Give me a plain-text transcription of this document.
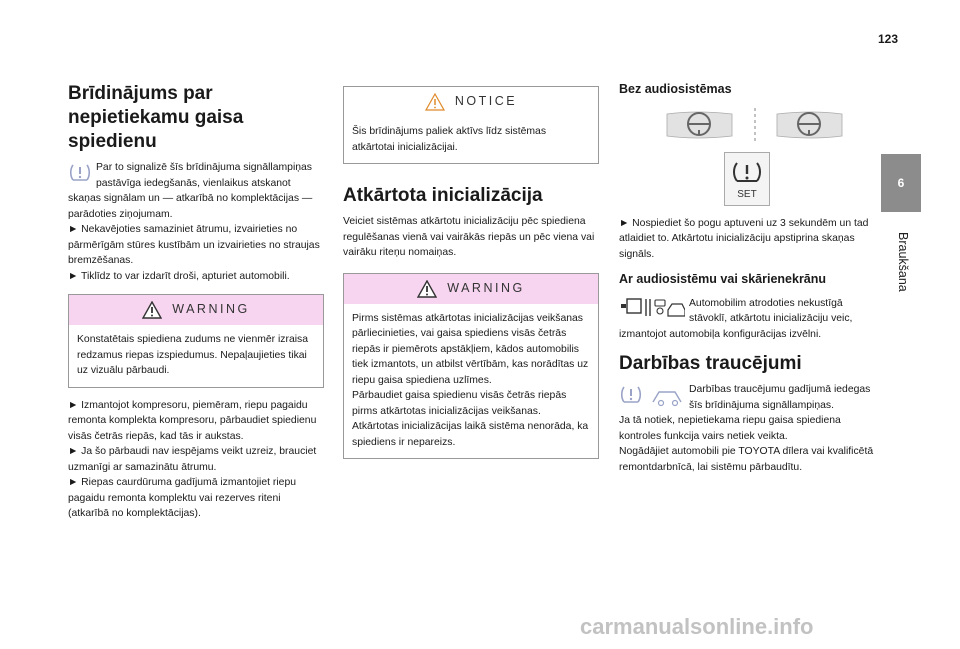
123
6
Braukšana
Brīdinājums par nepietiekamu gaisa spiedienu

Par to signalizē šīs brīdinājuma signāllampiņas pastāvīga iedegšanās, vienlaikus atskanot skaņas signālam un — atkarībā no komplektācijas — parādoties ziņojumam.

► Nekavējoties samaziniet ātrumu, izvairieties no pārmērīgām stūres kustībām un izvairieties no straujas bremzēšanas.

► Tiklīdz to var izdarīt droši, apturiet automobili.

WARNING

Konstatētais spiediena zudums ne vienmēr izraisa redzamus riepas izspiedumus. Nepaļaujieties tikai uz vizuālu pārbaudi.

► Izmantojot kompresoru, piemēram, riepu pagaidu remonta komplekta kompresoru, pārbaudiet spiedienu visās četrās riepās, kad tās ir aukstas.

► Ja šo pārbaudi nav iespējams veikt uzreiz, brauciet uzmanīgi ar samazinātu ātrumu.

► Riepas caurdūruma gadījumā izmantojiet riepu pagaidu remonta komplektu vai rezerves riteni (atkarībā no komplektācijas).

NOTICE

Šis brīdinājums paliek aktīvs līdz sistēmas atkārtotai inicializācijai.

Atkārtota inicializācija

Veiciet sistēmas atkārtotu inicializāciju pēc spiediena regulēšanas vienā vai vairākās riepās un pēc viena vai vairāku riteņu nomaiņas.

WARNING

Pirms sistēmas atkārtotas inicializācijas veikšanas pārliecinieties, vai gaisa spiediens visās četrās riepās ir piemērots apstākļiem, kādos automobilis tiek izmantots, un atbilst vērtībām, kas norādītas uz riepu gaisa spiediena uzlīmes.

Pārbaudiet gaisa spiedienu visās četrās riepās pirms atkārtotas inicializācijas veikšanas.

Atkārtotas inicializācijas laikā sistēma nenorāda, ka spiediens ir nepareizs.

Bez audiosistēmas
SET

► Nospiediet šo pogu aptuveni uz 3 sekundēm un tad atlaidiet to. Atkārtotu inicializāciju apstiprina skaņas signāls.

Ar audiosistēmu vai skārienekrānu

Automobilim atrodoties nekustīgā stāvoklī, atkārtotu inicializāciju veic, izmantojot automobiļa konfigurācijas izvēlni.

Darbības traucējumi

Darbības traucējumu gadījumā iedegas šīs brīdinājuma signāllampiņas.

Ja tā notiek, nepietiekama riepu gaisa spiediena kontroles funkcija vairs netiek veikta.

Nogādājiet automobili pie TOYOTA dīlera vai kvalificētā remontdarbnīcā, lai sistēmu pārbaudītu.

carmanualsonline.info
